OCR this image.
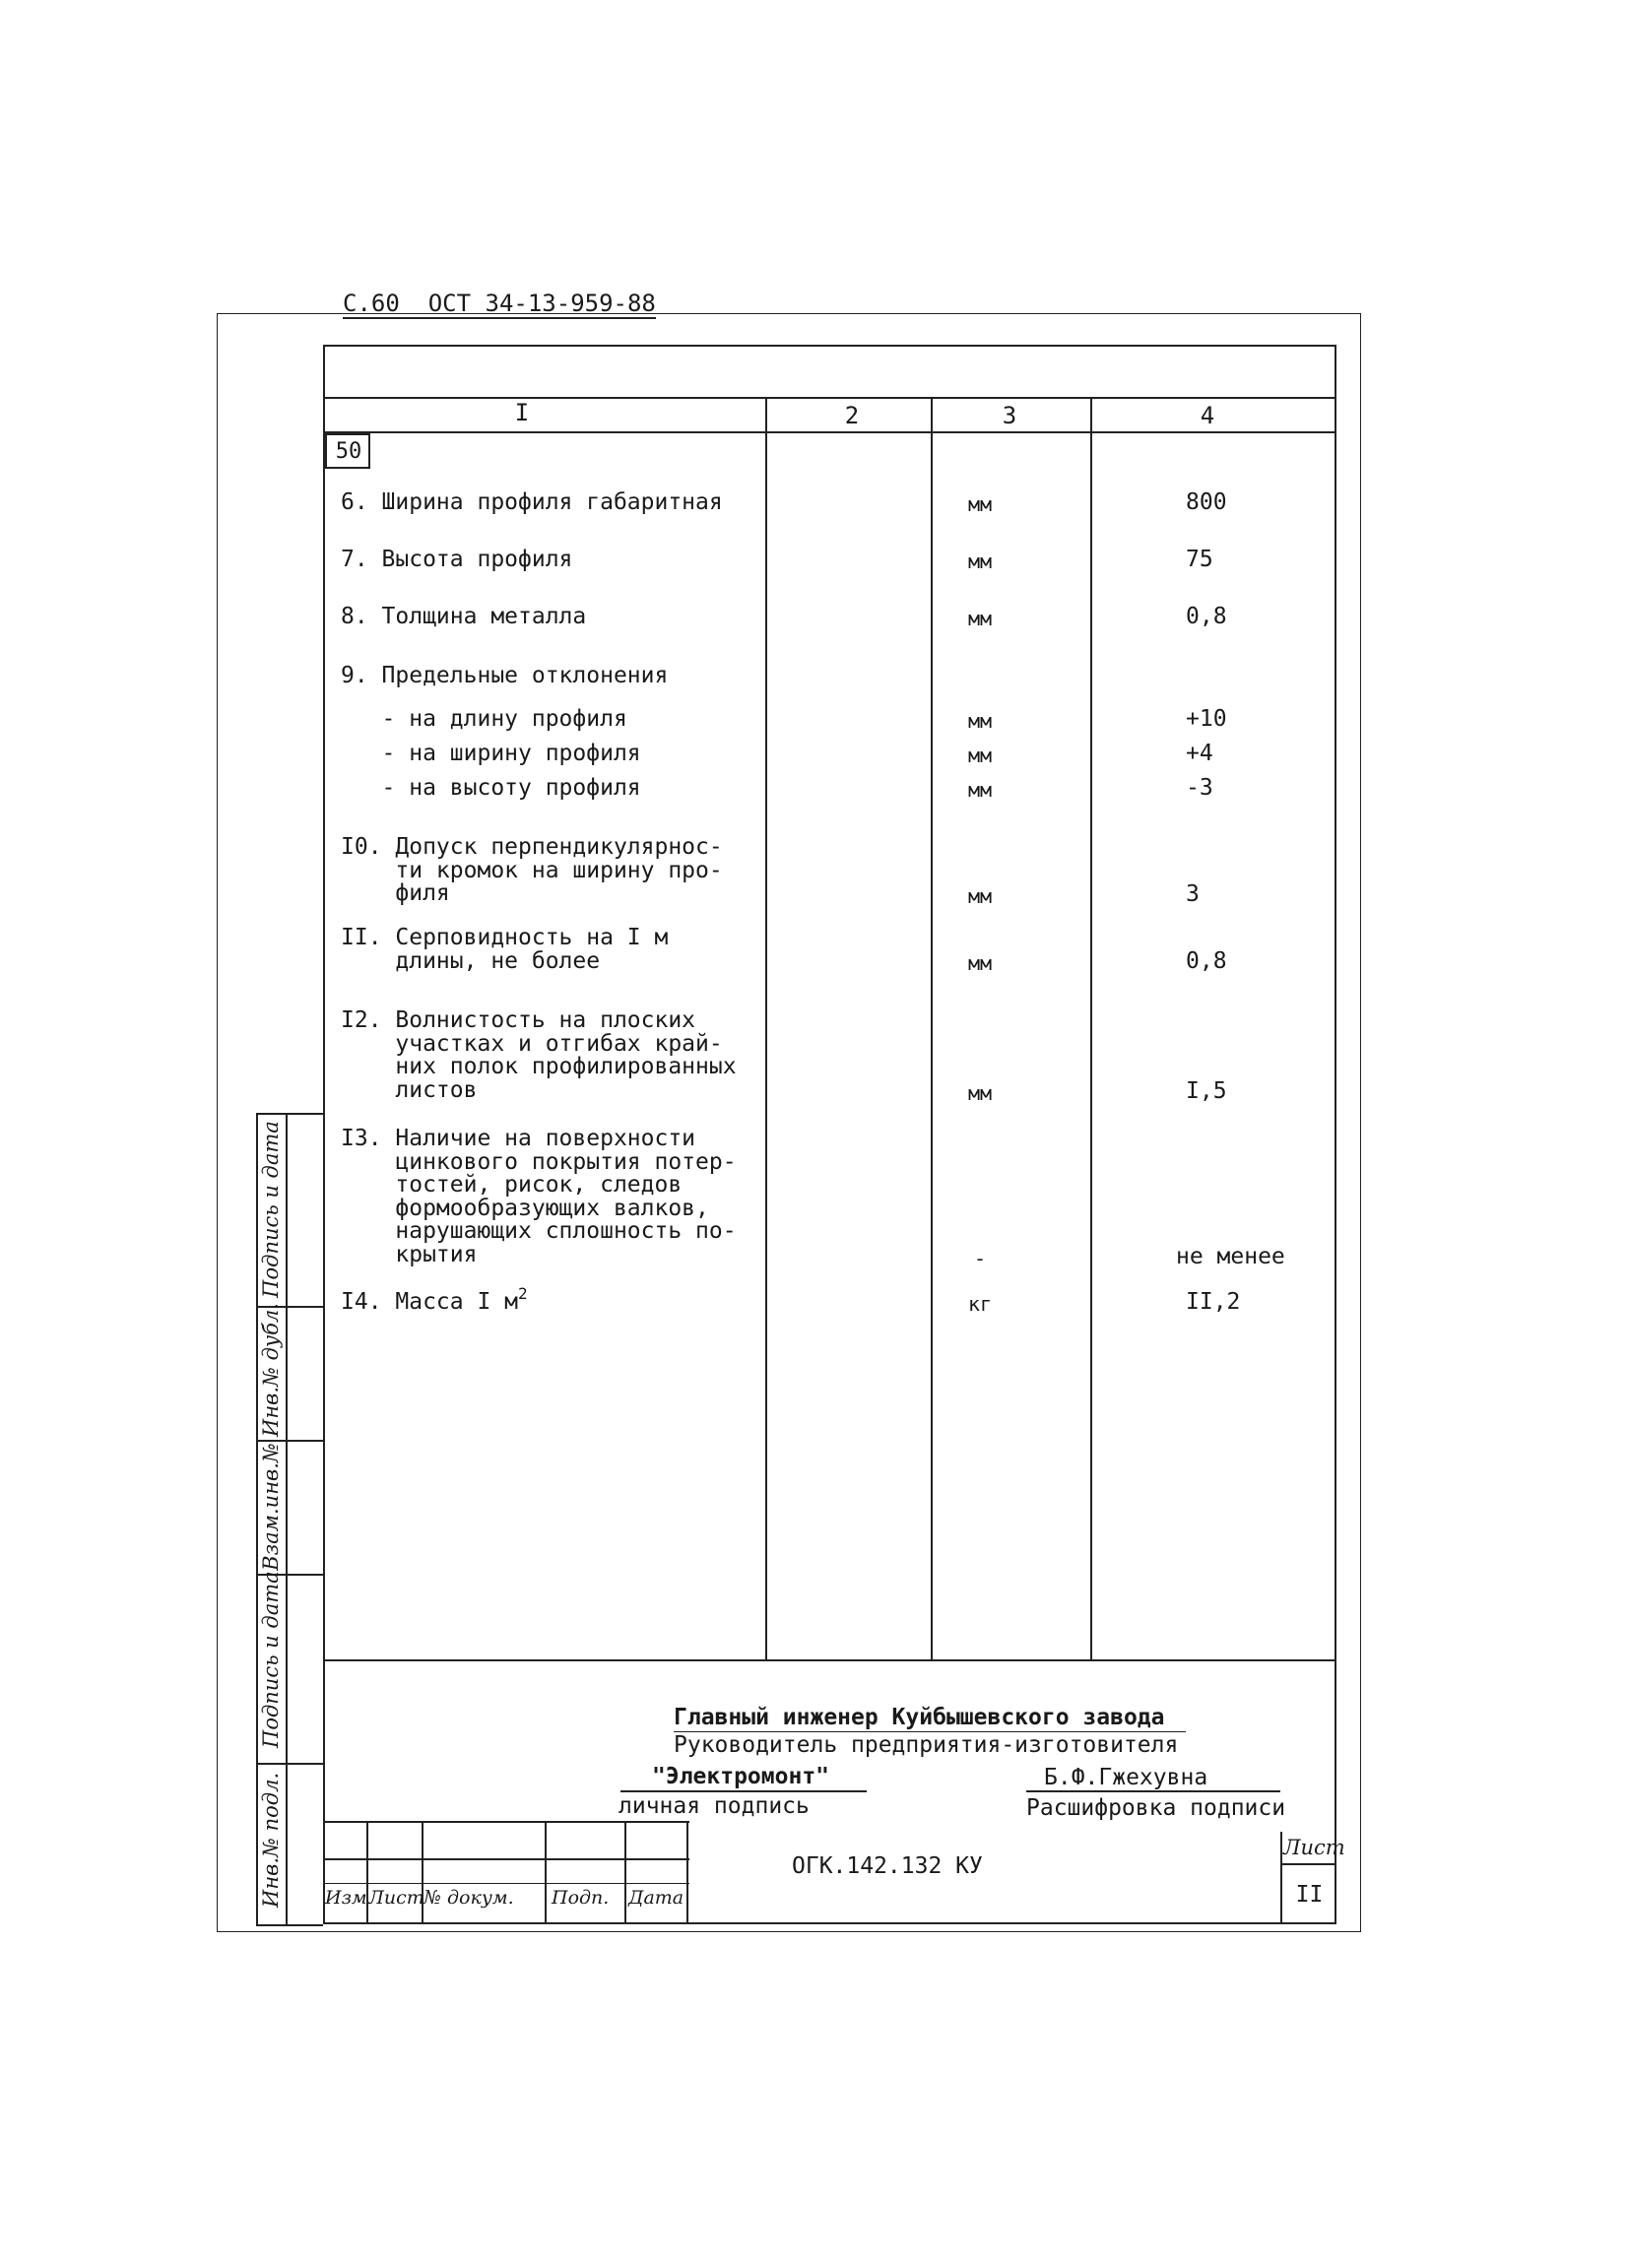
С.60  ОСТ 34-13-959-88
I	2	3	4
50
6. Ширина профиля габаритная	мм	800
7. Высота профиля	мм	75
8. Толщина металла	мм	0,8
9. Предельные отклонения
- на длину профиля	мм	+10
- на ширину профиля	мм	+4
- на высоту профиля	мм	-3
I0. Допуск перпендикулярнос-
ти кромок на ширину про-
филя	мм	3
II. Серповидность на I м
длины, не более	мм	0,8
I2. Волнистость на плоских
участках и отгибах край-
них полок профилированных
листов	мм	I,5
I3. Наличие на поверхности
цинкового покрытия потер-
тостей, рисок, следов
формообразующих валков,
нарушающих сплошность по-
крытия	-	не менее
I4. Масса I $м^2$	кг	II,2
Главный инженер Куйбышевского завода
Руководитель предприятия-изготовителя
"Электромонт"
личная подпись
Б.Ф.Гжехувна
Расшифровка подписи
Изм Лист № докум. Подп. Дата
ОГК.142.132 КУ
Лист
II
Подпись и дата
Инв.№ дубл.
Взам.инв.№
Подпись и дата
Инв.№ подл.
